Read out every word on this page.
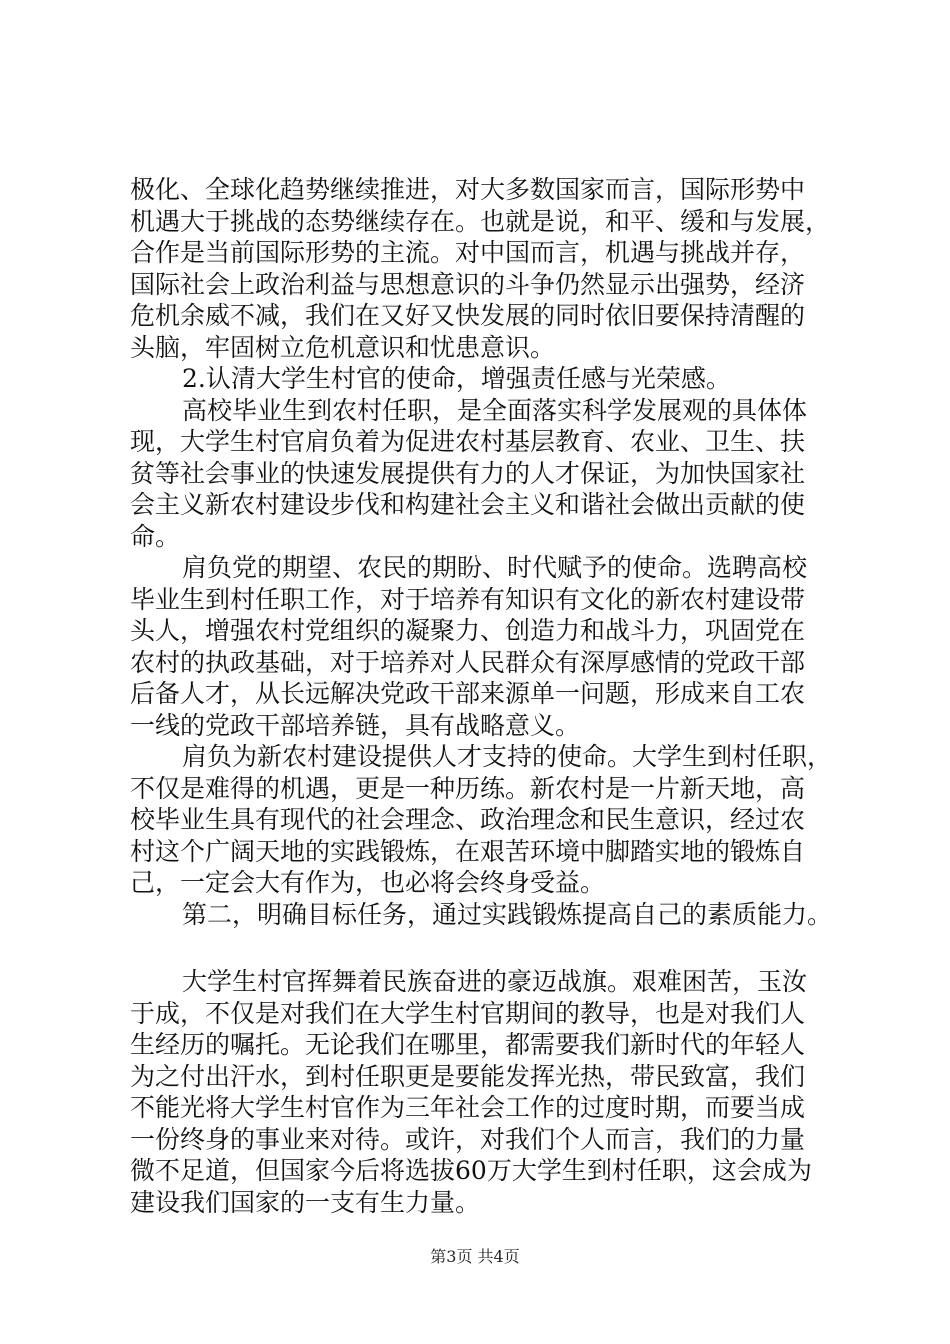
极化、全球化趋势继续推进，对大多数国家而言，国际形势中
机遇大于挑战的态势继续存在。也就是说，和平、缓和与发展，
合作是当前国际形势的主流。对中国而言，机遇与挑战并存，
国际社会上政治利益与思想意识的斗争仍然显示出强势，经济
危机余威不减，我们在又好又快发展的同时依旧要保持清醒的
头脑，牢固树立危机意识和忧患意识。
2.认清大学生村官的使命，增强责任感与光荣感。
高校毕业生到农村任职，是全面落实科学发展观的具体体
现，大学生村官肩负着为促进农村基层教育、农业、卫生、扶
贫等社会事业的快速发展提供有力的人才保证，为加快国家社
会主义新农村建设步伐和构建社会主义和谐社会做出贡献的使
命。
肩负党的期望、农民的期盼、时代赋予的使命。选聘高校
毕业生到村任职工作，对于培养有知识有文化的新农村建设带
头人，增强农村党组织的凝聚力、创造力和战斗力，巩固党在
农村的执政基础，对于培养对人民群众有深厚感情的党政干部
后备人才，从长远解决党政干部来源单一问题，形成来自工农
一线的党政干部培养链，具有战略意义。
肩负为新农村建设提供人才支持的使命。大学生到村任职，
不仅是难得的机遇，更是一种历练。新农村是一片新天地，高
校毕业生具有现代的社会理念、政治理念和民生意识，经过农
村这个广阔天地的实践锻炼，在艰苦环境中脚踏实地的锻炼自
己，一定会大有作为，也必将会终身受益。
第二，明确目标任务，通过实践锻炼提高自己的素质能力。
大学生村官挥舞着民族奋进的豪迈战旗。艰难困苦，玉汝
于成，不仅是对我们在大学生村官期间的教导，也是对我们人
生经历的嘱托。无论我们在哪里，都需要我们新时代的年轻人
为之付出汗水，到村任职更是要能发挥光热，带民致富，我们
不能光将大学生村官作为三年社会工作的过度时期，而要当成
一份终身的事业来对待。或许，对我们个人而言，我们的力量
微不足道，但国家今后将选拔60万大学生到村任职，这会成为
建设我们国家的一支有生力量。
第3页 共4页
